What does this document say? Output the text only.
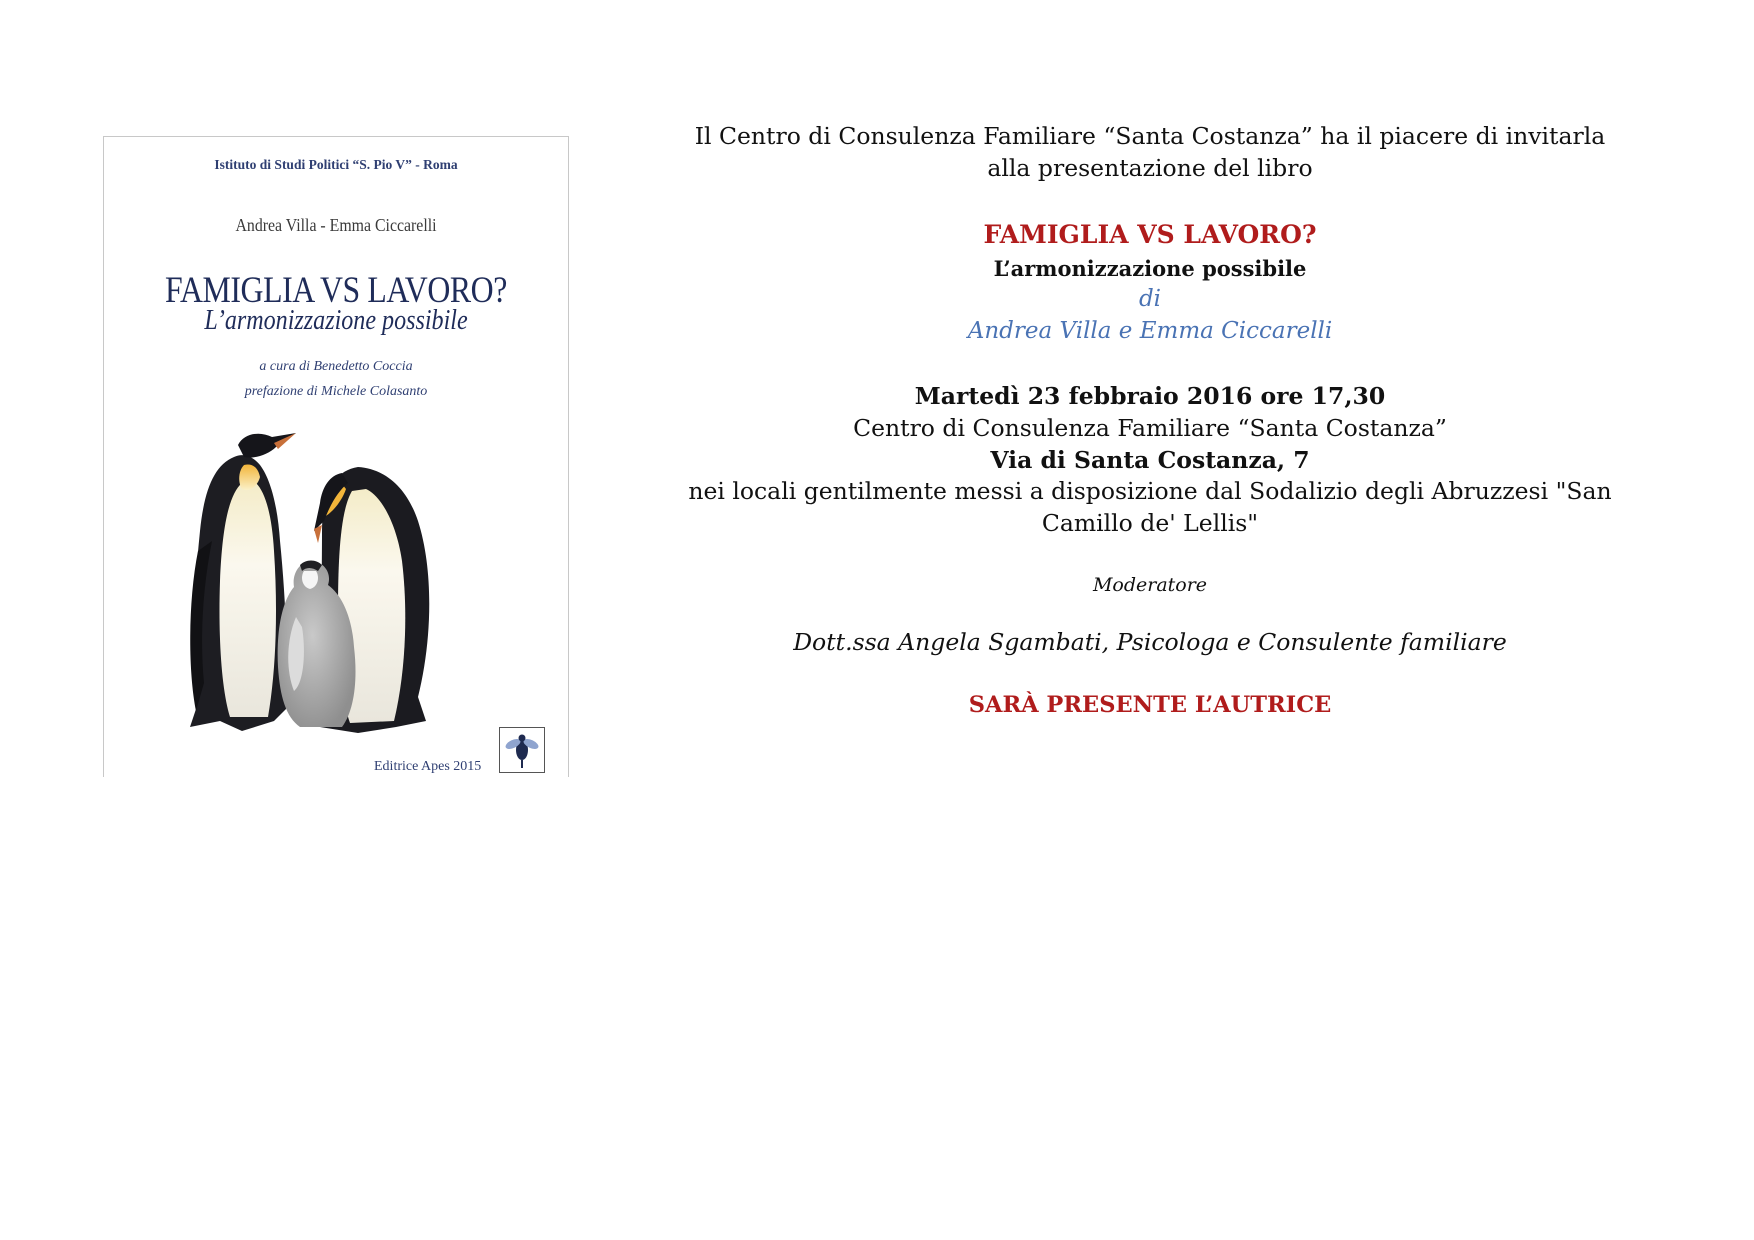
Istituto di Studi Politici “S. Pio V” - Roma
Andrea Villa - Emma Ciccarelli
FAMIGLIA VS LAVORO?
L’armonizzazione possibile
a cura di Benedetto Coccia
prefazione di Michele Colasanto
Editrice Apes 2015
Il Centro di Consulenza Familiare “Santa Costanza” ha il piacere di invitarla
alla presentazione del libro
FAMIGLIA VS LAVORO?
L’armonizzazione possibile
di
Andrea Villa e Emma Ciccarelli
Martedì 23 febbraio 2016 ore 17,30
Centro di Consulenza Familiare “Santa Costanza”
Via di Santa Costanza, 7
nei locali gentilmente messi a disposizione dal Sodalizio degli Abruzzesi "San
Camillo de' Lellis"
Moderatore
Dott.ssa Angela Sgambati, Psicologa e Consulente familiare
SARÀ PRESENTE L’AUTRICE
